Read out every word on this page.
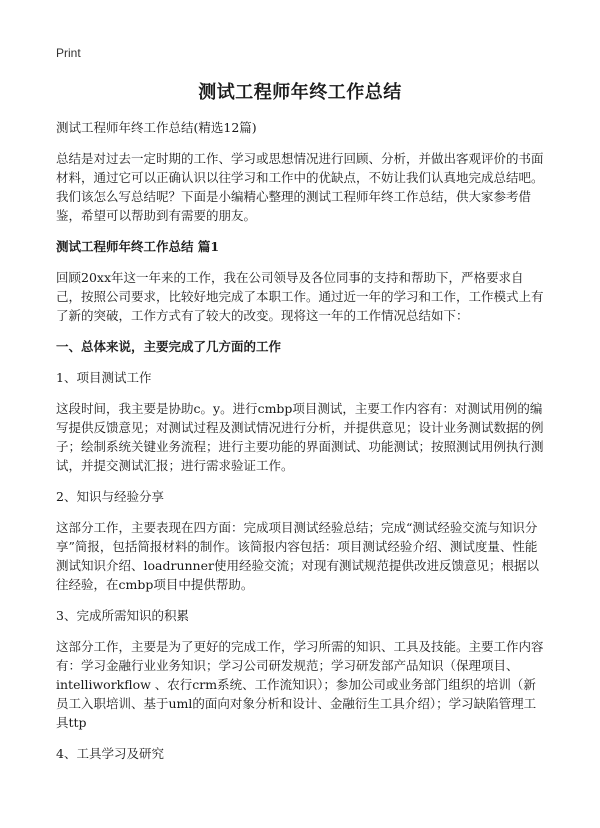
Print
测试工程师年终工作总结

测试工程师年终工作总结(精选12篇)

总结是对过去一定时期的工作、学习或思想情况进行回顾、分析，并做出客观评价的书面材料，通过它可以正确认识以往学习和工作中的优缺点，不妨让我们认真地完成总结吧。我们该怎么写总结呢？下面是小编精心整理的测试工程师年终工作总结，供大家参考借鉴，希望可以帮助到有需要的朋友。

测试工程师年终工作总结 篇1

回顾20xx年这一年来的工作，我在公司领导及各位同事的支持和帮助下，严格要求自己，按照公司要求，比较好地完成了本职工作。通过近一年的学习和工作，工作模式上有了新的突破，工作方式有了较大的改变。现将这一年的工作情况总结如下：

一、总体来说，主要完成了几方面的工作

1、项目测试工作

这段时间，我主要是协助c。y。进行cmbp项目测试，主要工作内容有：对测试用例的编写提供反馈意见；对测试过程及测试情况进行分析，并提供意见；设计业务测试数据的例子；绘制系统关键业务流程；进行主要功能的界面测试、功能测试；按照测试用例执行测试，并提交测试汇报；进行需求验证工作。

2、知识与经验分享

这部分工作，主要表现在四方面：完成项目测试经验总结；完成“测试经验交流与知识分享”简报，包括简报材料的制作。该简报内容包括：项目测试经验介绍、测试度量、性能测试知识介绍、loadrunner使用经验交流；对现有测试规范提供改进反馈意见；根据以往经验，在cmbp项目中提供帮助。

3、完成所需知识的积累

这部分工作，主要是为了更好的完成工作，学习所需的知识、工具及技能。主要工作内容有：学习金融行业业务知识；学习公司研发规范；学习研发部产品知识（保理项目、intelliworkflow 、农行crm系统、工作流知识）；参加公司或业务部门组织的培训（新员工入职培训、基于uml的面向对象分析和设计、金融衍生工具介绍）；学习缺陷管理工具ttp

4、工具学习及研究
